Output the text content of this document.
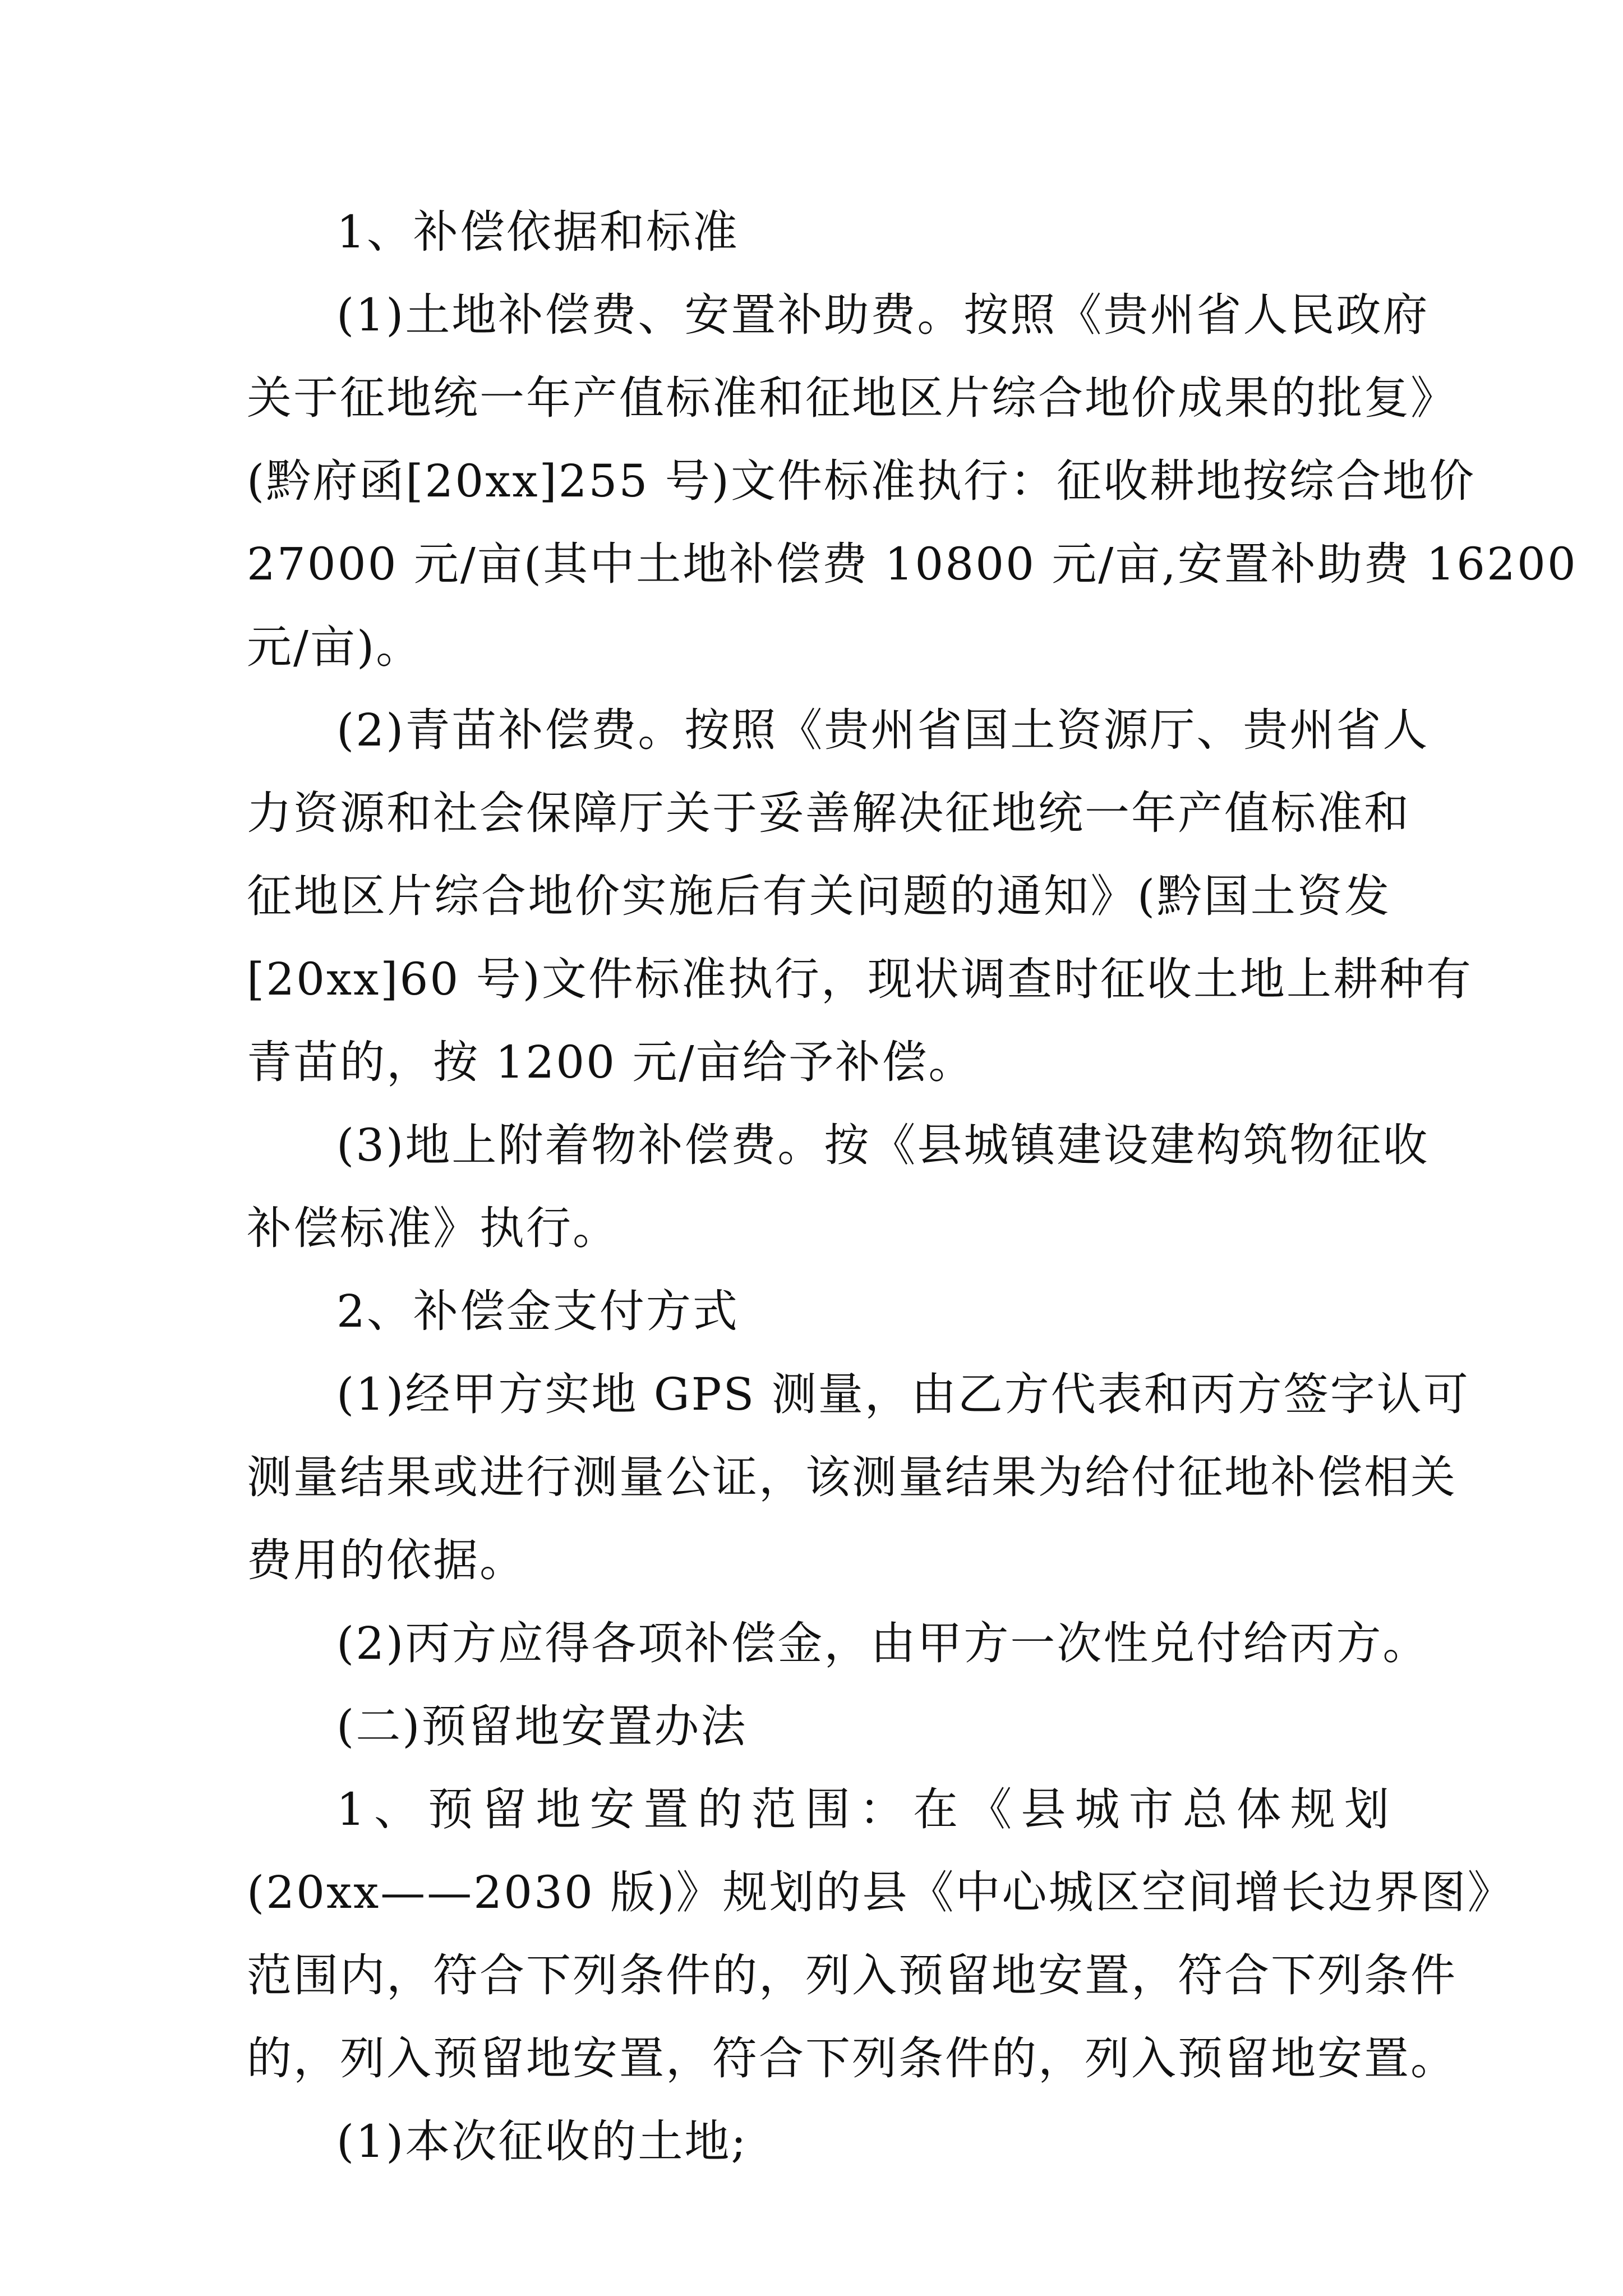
1、补偿依据和标准
(1)土地补偿费、安置补助费。按照《贵州省人民政府
关于征地统一年产值标准和征地区片综合地价成果的批复》
(黔府函[20xx]255 号)文件标准执行：征收耕地按综合地价
27000 元/亩(其中土地补偿费 10800 元/亩,安置补助费 16200
元/亩)。
(2)青苗补偿费。按照《贵州省国土资源厅、贵州省人
力资源和社会保障厅关于妥善解决征地统一年产值标准和
征地区片综合地价实施后有关问题的通知》(黔国土资发
[20xx]60 号)文件标准执行，现状调查时征收土地上耕种有
青苗的，按 1200 元/亩给予补偿。
(3)地上附着物补偿费。按《县城镇建设建构筑物征收
补偿标准》执行。
2、补偿金支付方式
(1)经甲方实地 GPS 测量，由乙方代表和丙方签字认可
测量结果或进行测量公证，该测量结果为给付征地补偿相关
费用的依据。
(2)丙方应得各项补偿金，由甲方一次性兑付给丙方。
(二)预留地安置办法
1、预留地安置的范围：在《县城市总体规划
(20xx——2030 版)》规划的县《中心城区空间增长边界图》
范围内，符合下列条件的，列入预留地安置，符合下列条件
的，列入预留地安置，符合下列条件的，列入预留地安置。
(1)本次征收的土地;
